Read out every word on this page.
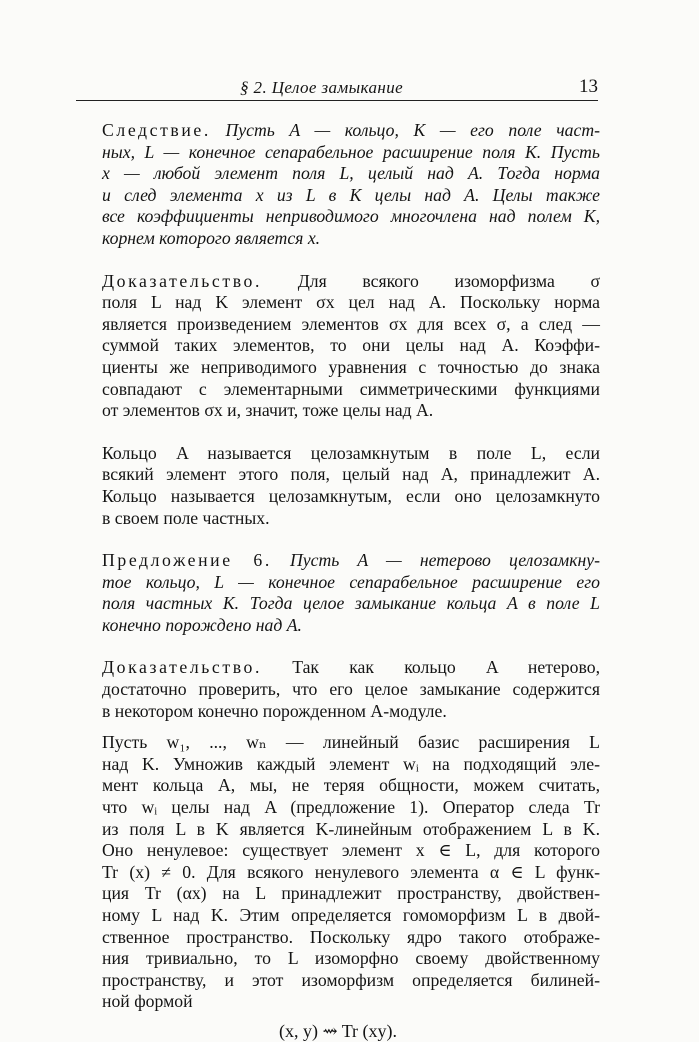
§ 2. Целое замыкание	13
Следствие. Пусть A — кольцо, K — его поле част-
ных, L — конечное сепарабельное расширение поля K. Пусть
x — любой элемент поля L, целый над A. Тогда норма
и след элемента x из L в K целы над A. Целы также
все коэффициенты неприводимого многочлена над полем K,
корнем которого является x.
Доказательство. Для всякого изоморфизма σ
поля L над K элемент σx цел над A. Поскольку норма
является произведением элементов σx для всех σ, а след —
суммой таких элементов, то они целы над A. Коэффи-
циенты же неприводимого уравнения с точностью до знака
совпадают с элементарными симметрическими функциями
от элементов σx и, значит, тоже целы над A.
Кольцо A называется целозамкнутым в поле L, если
всякий элемент этого поля, целый над A, принадлежит A.
Кольцо называется целозамкнутым, если оно целозамкнуто
в своем поле частных.
Предложение 6. Пусть A — нетерово целозамкну-
тое кольцо, L — конечное сепарабельное расширение его
поля частных K. Тогда целое замыкание кольца A в поле L
конечно порождено над A.
Доказательство. Так как кольцо A нетерово,
достаточно проверить, что его целое замыкание содержится
в некотором конечно порожденном A-модуле.
Пусть w₁, ..., wₙ — линейный базис расширения L
над K. Умножив каждый элемент wᵢ на подходящий эле-
мент кольца A, мы, не теряя общности, можем считать,
что wᵢ целы над A (предложение 1). Оператор следа Tr
из поля L в K является K-линейным отображением L в K.
Оно ненулевое: существует элемент x ∈ L, для которого
Tr (x) ≠ 0. Для всякого ненулевого элемента α ∈ L функ-
ция Tr (αx) на L принадлежит пространству, двойствен-
ному L над K. Этим определяется гомоморфизм L в двой-
ственное пространство. Поскольку ядро такого отображе-
ния тривиально, то L изоморфно своему двойственному
пространству, и этот изоморфизм определяется билиней-
ной формой
(x, y) ⇝ Tr (xy).
